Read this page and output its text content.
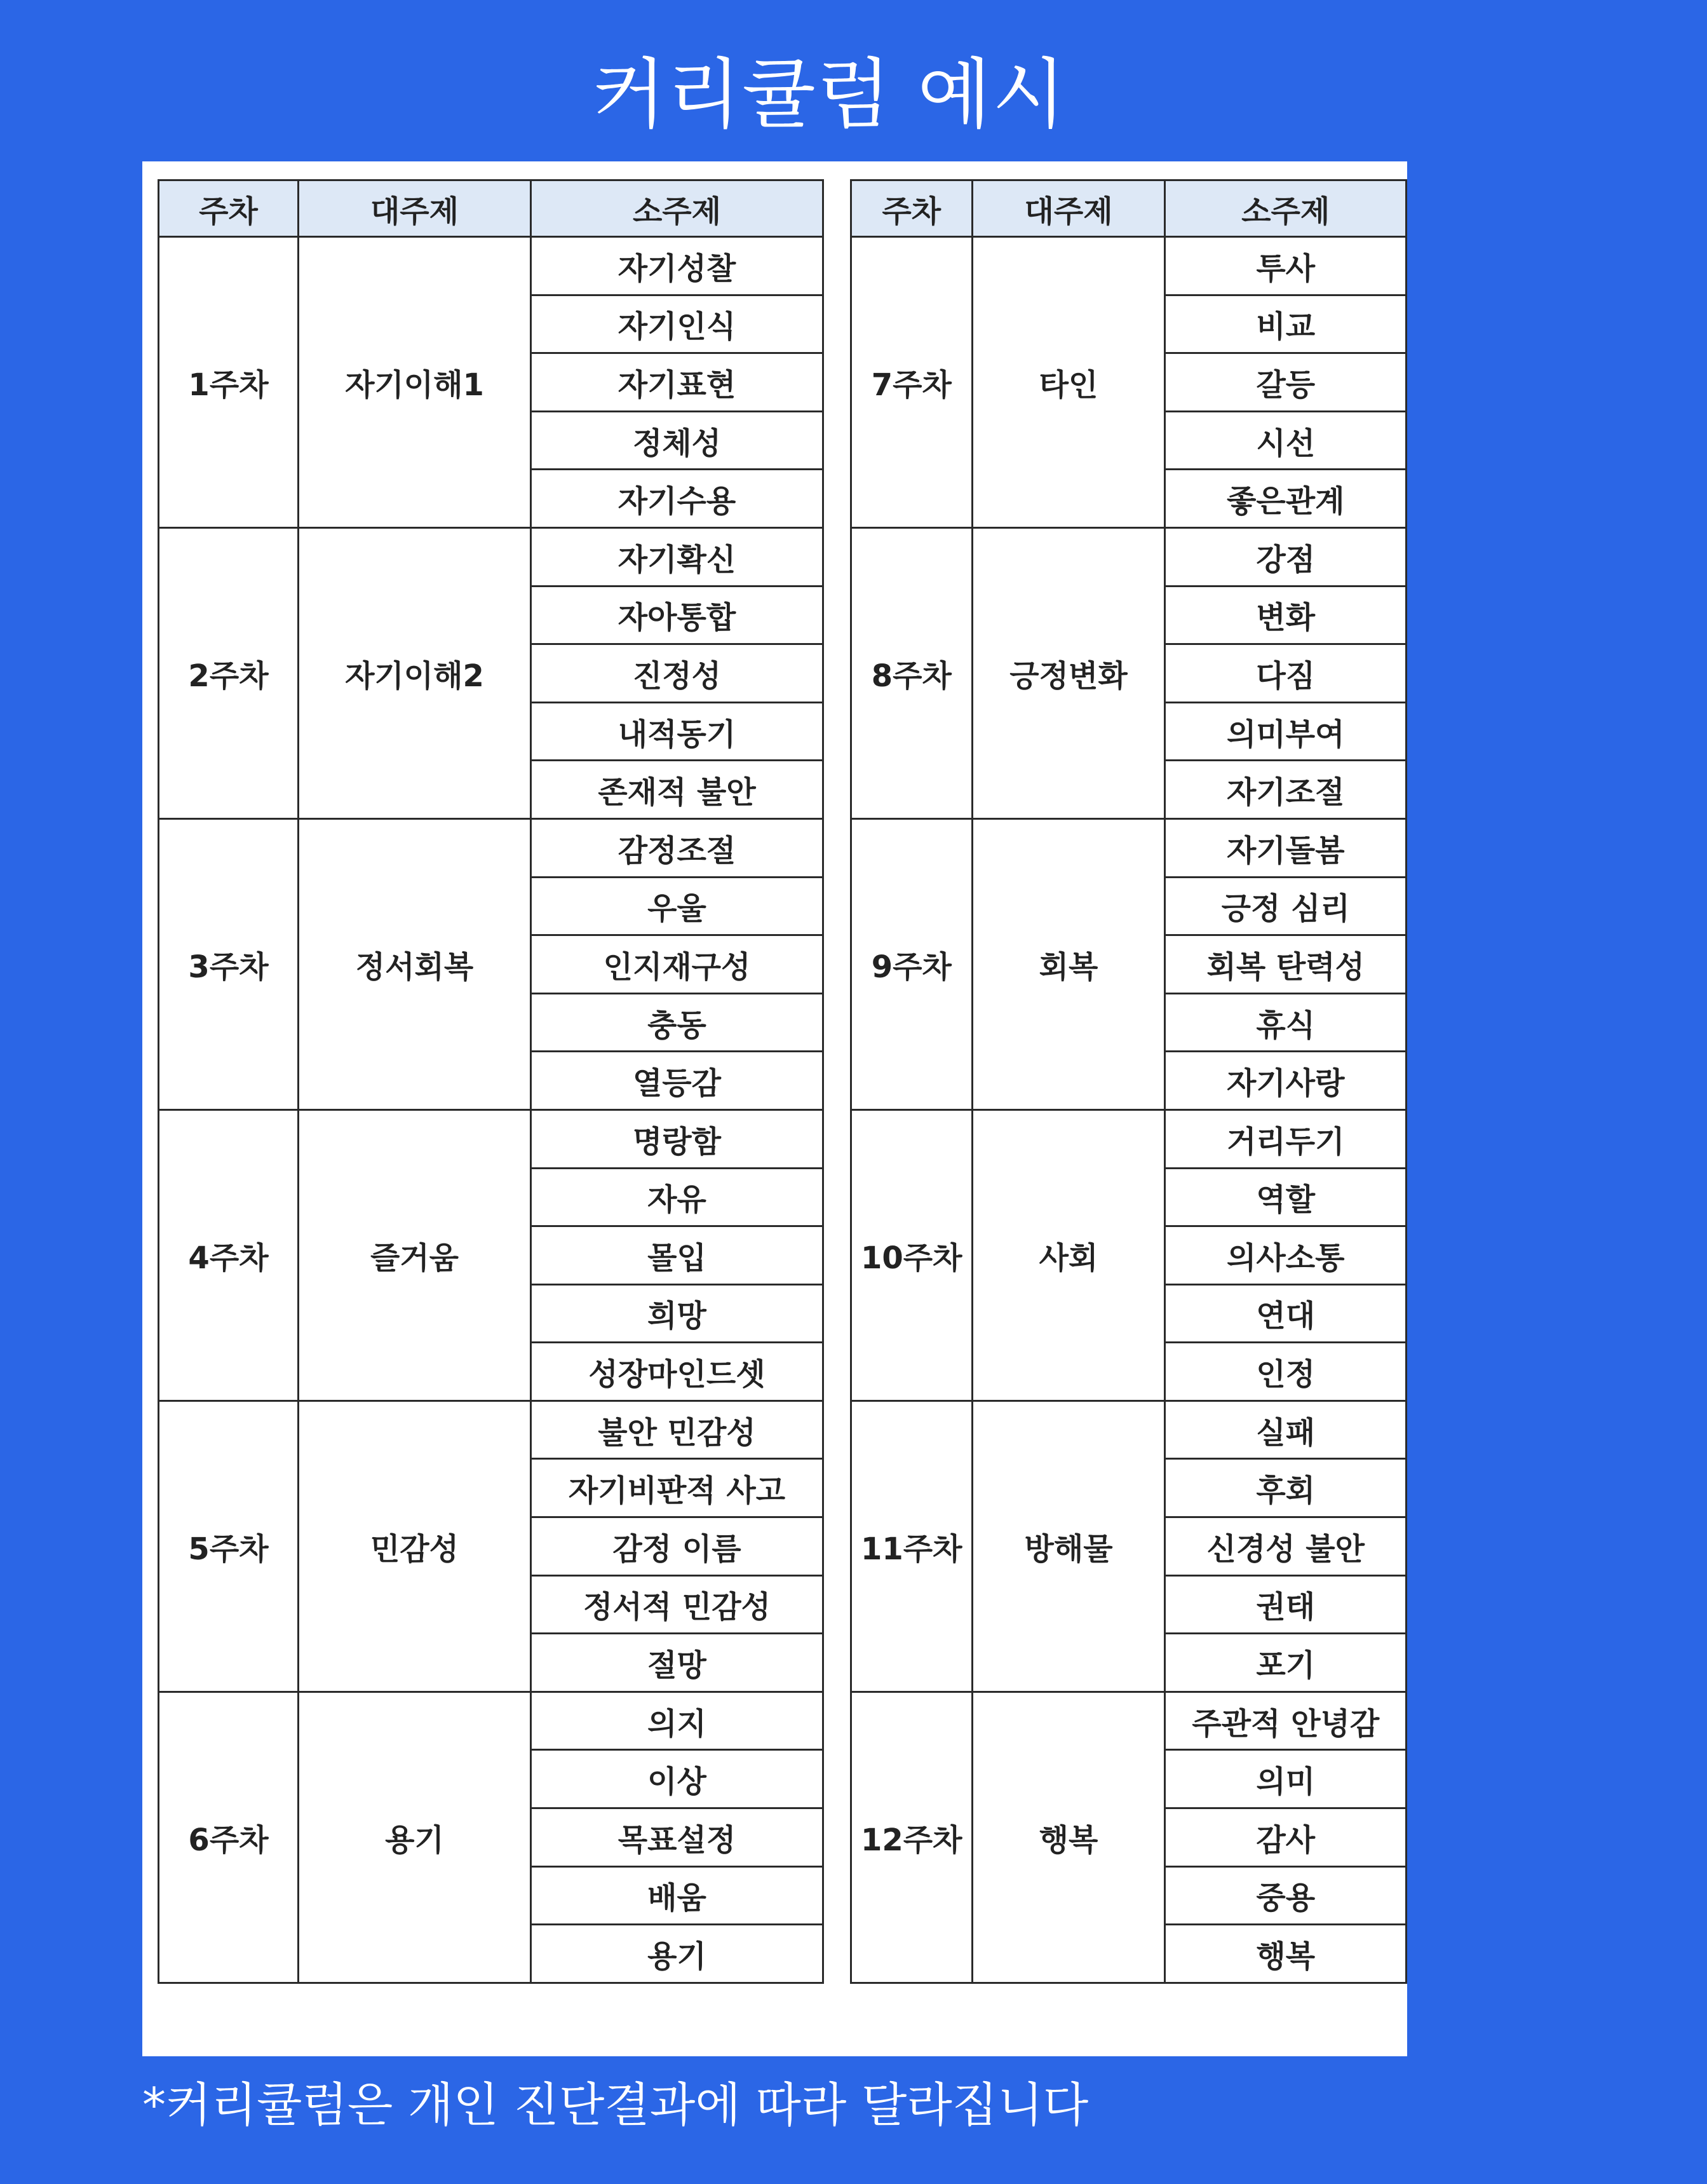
커리큘럼 예시
주차	대주제	소주제
1주차	자기이해1	자기성찰
		자기인식
		자기표현
		정체성
		자기수용
2주차	자기이해2	자기확신
		자아통합
		진정성
		내적동기
		존재적 불안
3주차	정서회복	감정조절
		우울
		인지재구성
		충동
		열등감
4주차	즐거움	명랑함
		자유
		몰입
		희망
		성장마인드셋
5주차	민감성	불안 민감성
		자기비판적 사고
		감정 이름
		정서적 민감성
		절망
6주차	용기	의지
		이상
		목표설정
		배움
		용기
주차	대주제	소주제
7주차	타인	투사
		비교
		갈등
		시선
		좋은관계
8주차	긍정변화	강점
		변화
		다짐
		의미부여
		자기조절
9주차	회복	자기돌봄
		긍정 심리
		회복 탄력성
		휴식
		자기사랑
10주차	사회	거리두기
		역할
		의사소통
		연대
		인정
11주차	방해물	실패
		후회
		신경성 불안
		권태
		포기
12주차	행복	주관적 안녕감
		의미
		감사
		중용
		행복
*커리큘럼은 개인 진단결과에 따라 달라집니다
